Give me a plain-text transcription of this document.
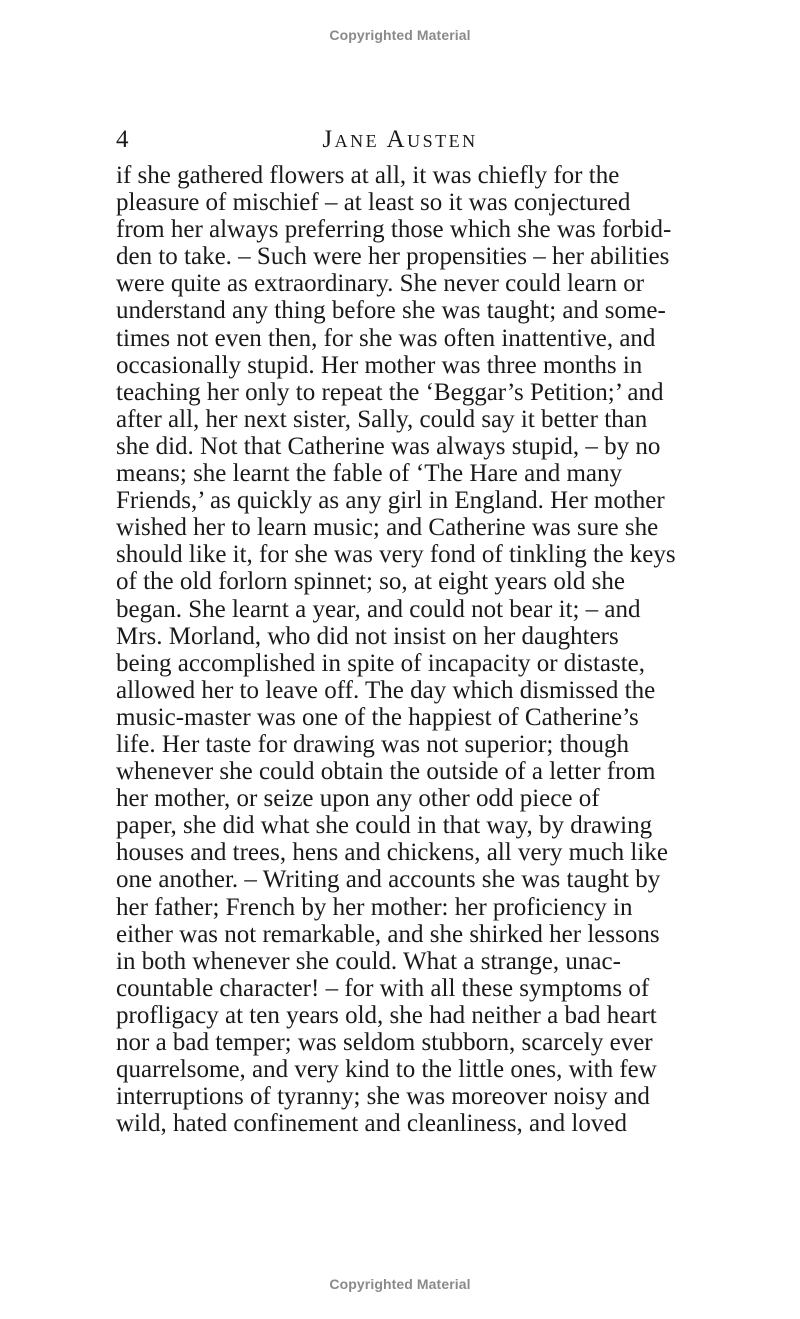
Copyrighted Material
4	Jane Austen
if she gathered flowers at all, it was chiefly for the
pleasure of mischief – at least so it was conjectured
from her always preferring those which she was forbid-
den to take. – Such were her propensities – her abilities
were quite as extraordinary. She never could learn or
understand any thing before she was taught; and some-
times not even then, for she was often inattentive, and
occasionally stupid. Her mother was three months in
teaching her only to repeat the ‘Beggar’s Petition;’ and
after all, her next sister, Sally, could say it better than
she did. Not that Catherine was always stupid, – by no
means; she learnt the fable of ‘The Hare and many
Friends,’ as quickly as any girl in England. Her mother
wished her to learn music; and Catherine was sure she
should like it, for she was very fond of tinkling the keys
of the old forlorn spinnet; so, at eight years old she
began. She learnt a year, and could not bear it; – and
Mrs. Morland, who did not insist on her daughters
being accomplished in spite of incapacity or distaste,
allowed her to leave off. The day which dismissed the
music-master was one of the happiest of Catherine’s
life. Her taste for drawing was not superior; though
whenever she could obtain the outside of a letter from
her mother, or seize upon any other odd piece of
paper, she did what she could in that way, by drawing
houses and trees, hens and chickens, all very much like
one another. – Writing and accounts she was taught by
her father; French by her mother: her proficiency in
either was not remarkable, and she shirked her lessons
in both whenever she could. What a strange, unac-
countable character! – for with all these symptoms of
profligacy at ten years old, she had neither a bad heart
nor a bad temper; was seldom stubborn, scarcely ever
quarrelsome, and very kind to the little ones, with few
interruptions of tyranny; she was moreover noisy and
wild, hated confinement and cleanliness, and loved
Copyrighted Material
